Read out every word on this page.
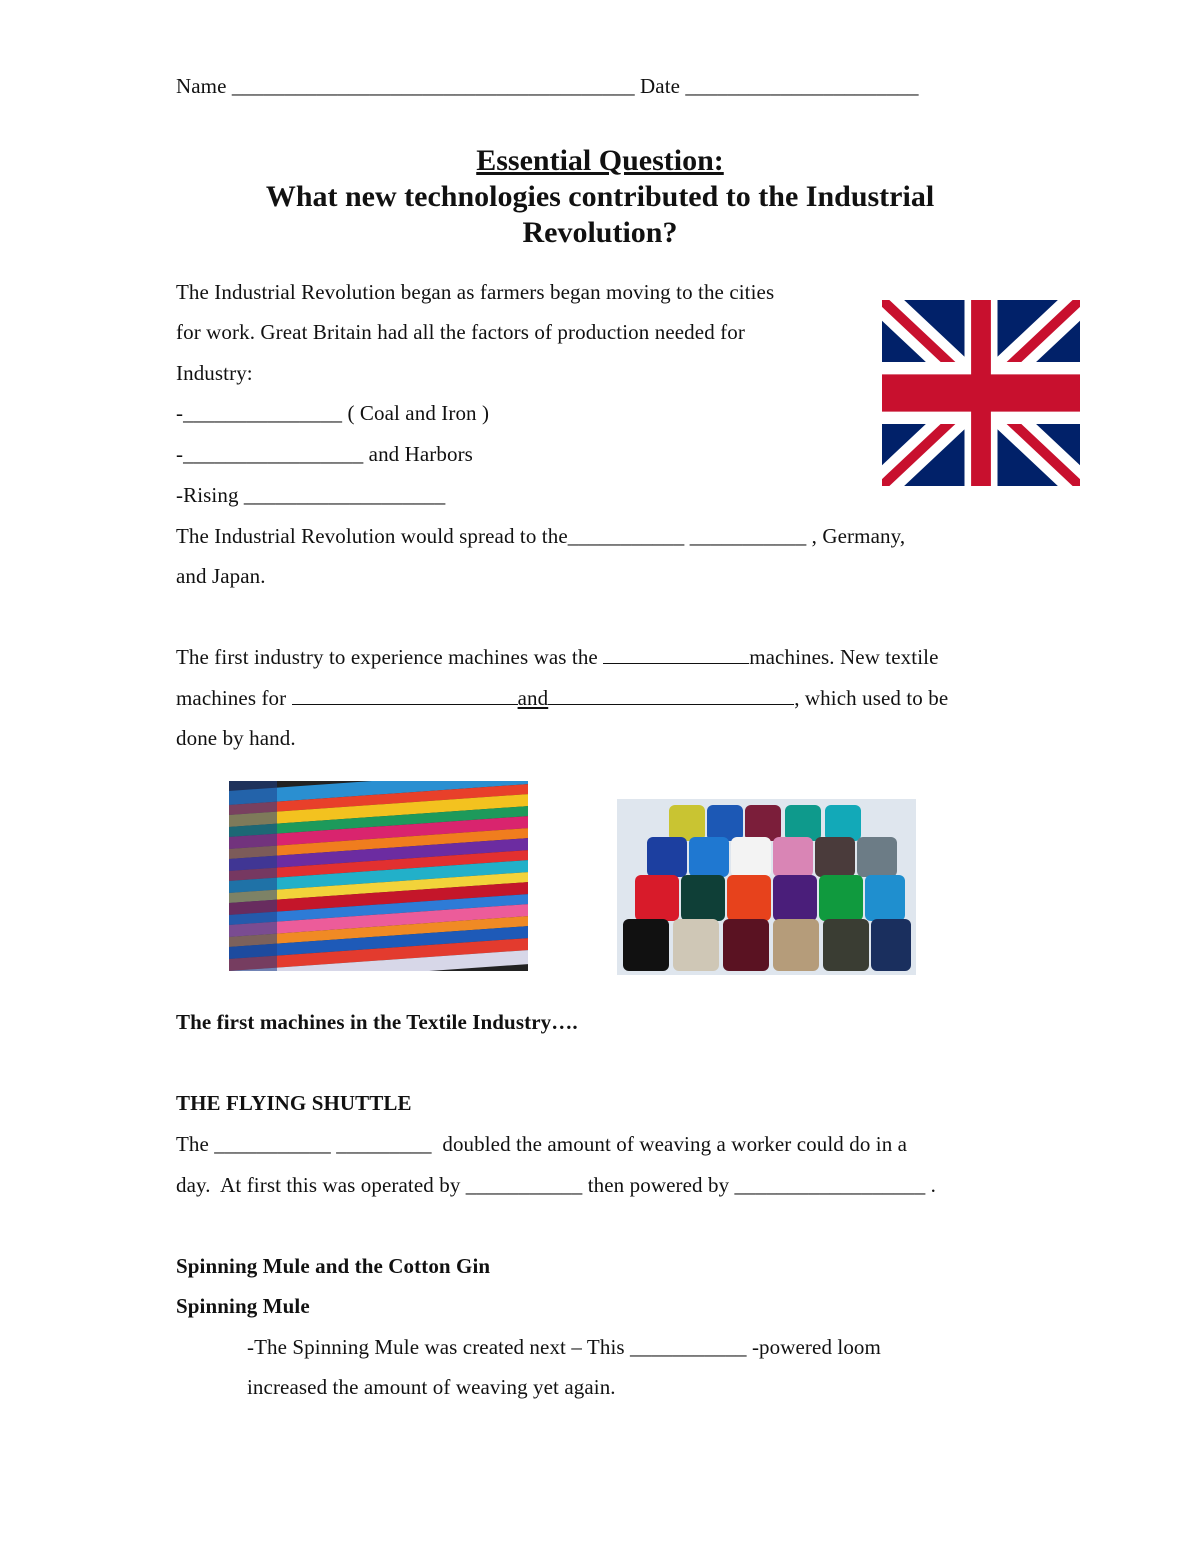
Name ______________________________________ Date ______________________
Essential Question:
What new technologies contributed to the Industrial
Revolution?
The Industrial Revolution began as farmers began moving to the cities
for work. Great Britain had all the factors of production needed for
Industry:
-_______________ ( Coal and Iron )
-_________________ and Harbors
-Rising ___________________
The Industrial Revolution would spread to the___________ ___________ , Germany,
and Japan.
The first industry to experience machines was the	machines. New textile
machines for	and	, which used to be
done by hand.
The first machines in the Textile Industry….
THE FLYING SHUTTLE
The ___________ _________  doubled the amount of weaving a worker could do in a
day.  At first this was operated by ___________ then powered by __________________ .
Spinning Mule and the Cotton Gin
Spinning Mule
-The Spinning Mule was created next – This ___________ -powered loom
increased the amount of weaving yet again.
